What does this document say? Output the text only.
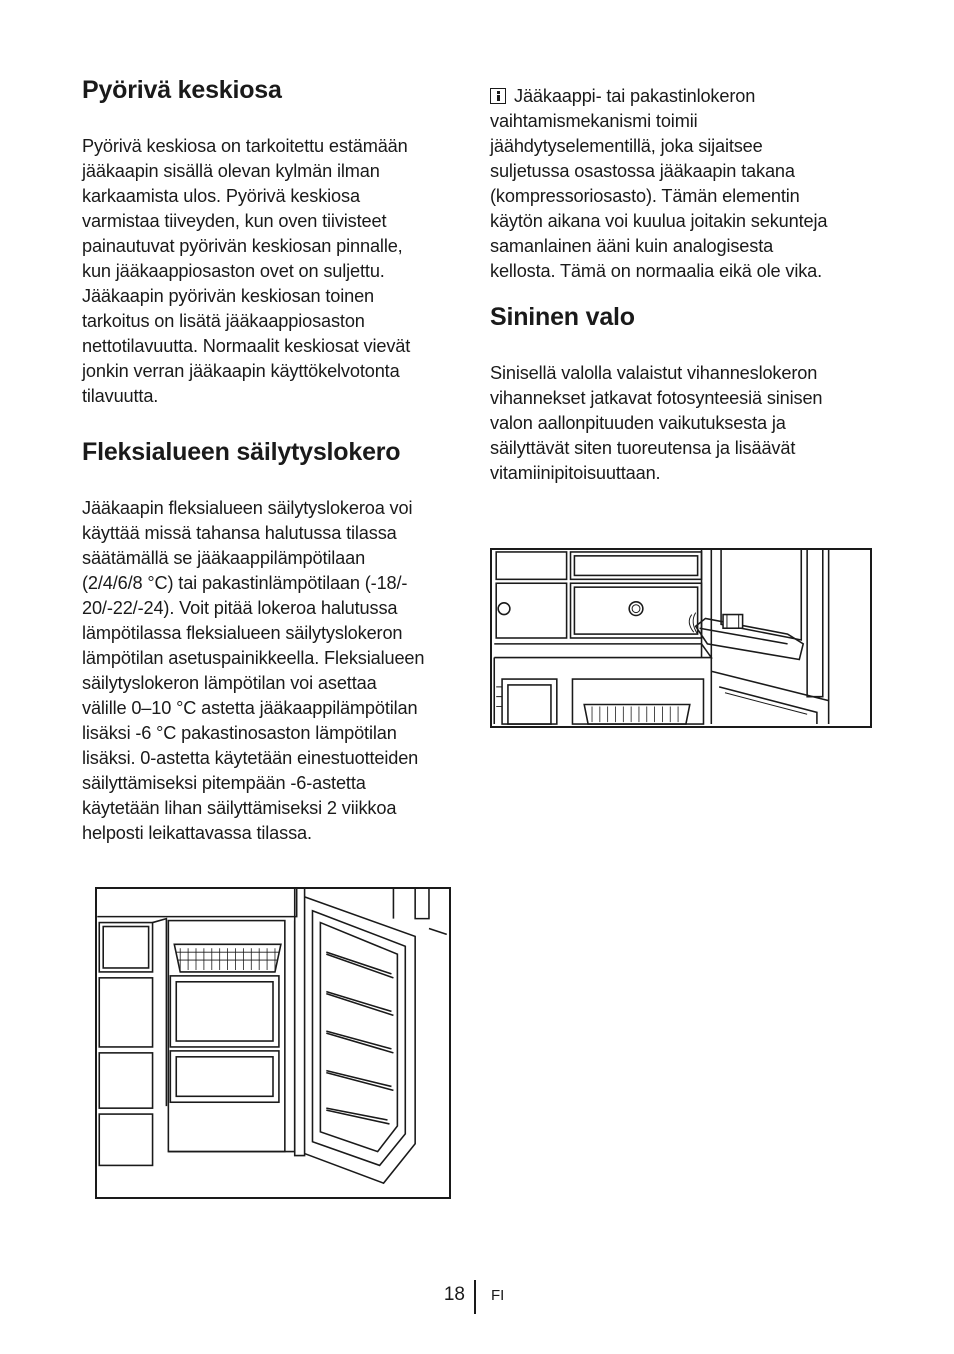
Pyörivä keskiosa
Pyörivä keskiosa on tarkoitettu estämään
jääkaapin sisällä olevan kylmän ilman
karkaamista ulos. Pyörivä keskiosa
varmistaa tiiveyden, kun oven tiivisteet
painautuvat pyörivän keskiosan pinnalle,
kun jääkaappiosaston ovet on suljettu.
Jääkaapin pyörivän keskiosan toinen
tarkoitus on lisätä jääkaappiosaston
nettotilavuutta. Normaalit keskiosat vievät
jonkin verran jääkaapin käyttökelvotonta
tilavuutta.
Fleksialueen säilytyslokero
Jääkaapin fleksialueen säilytyslokeroa voi
käyttää missä tahansa halutussa tilassa
säätämällä se jääkaappilämpötilaan
(2/4/6/8 °C) tai pakastinlämpötilaan (-18/-
20/-22/-24). Voit pitää lokeroa halutussa
lämpötilassa fleksialueen säilytyslokeron
lämpötilan asetuspainikkeella. Fleksialueen
säilytyslokeron lämpötilan voi asettaa
välille 0–10 °C astetta jääkaappilämpötilan
lisäksi -6 °C pakastinosaston lämpötilan
lisäksi. 0-astetta käytetään einestuotteiden
säilyttämiseksi pitempään -6-astetta
käytetään lihan säilyttämiseksi 2 viikkoa
helposti leikattavassa tilassa.
Jääkaappi- tai pakastinlokeron
vaihtamismekanismi toimii
jäähdytyselementillä, joka sijaitsee
suljetussa osastossa jääkaapin takana
(kompressoriosasto). Tämän elementin
käytön aikana voi kuulua joitakin sekunteja
samanlainen ääni kuin analogisesta
kellosta. Tämä on normaalia eikä ole vika.
Sininen valo
Sinisellä valolla valaistut vihanneslokeron
vihannekset jatkavat fotosynteesiä sinisen
valon aallonpituuden vaikutuksesta ja
säilyttävät siten tuoreutensa ja lisäävät
vitamiinipitoisuuttaan.
18 FI
